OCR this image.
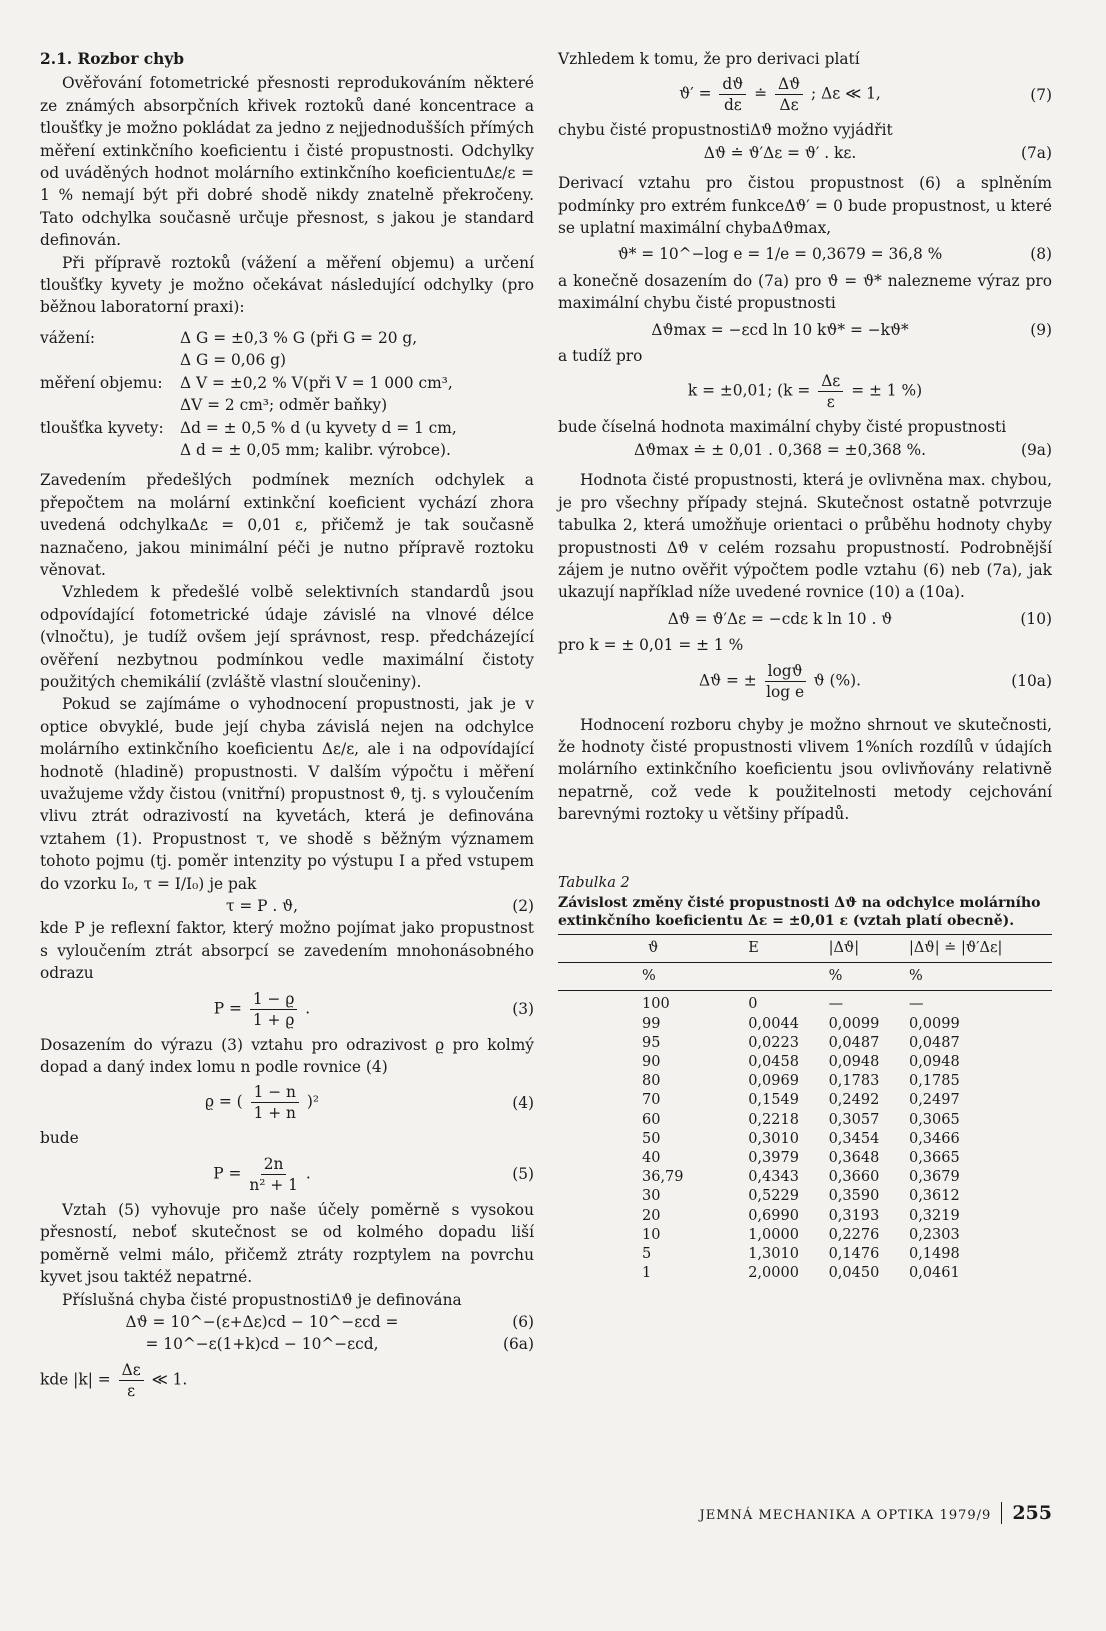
2.1. Rozbor chyb

Ověřování fotometrické přesnosti reprodukováním některé ze známých absorpčních křivek roztoků dané koncentrace a tloušťky je možno pokládat za jedno z nejjednodušších přímých měření extinkčního koeficientu i čisté propustnosti. Odchylky od uváděných hodnot molárního extinkčního koeficientuΔε/ε = 1 % nemají být při dobré shodě nikdy znatelně překročeny. Tato odchylka současně určuje přesnost, s jakou je standard definován.

Při přípravě roztoků (vážení a měření objemu) a určení tloušťky kyvety je možno očekávat následující odchylky (pro běžnou laboratorní praxi):

vážení:	Δ G = ±0,3 % G (při G = 20 g,
Δ G = 0,06 g)
měření objemu:	Δ V = ±0,2 % V(při V = 1 000 cm³,
ΔV = 2 cm³; odměr baňky)
tloušťka kyvety:	Δd = ± 0,5 % d (u kyvety d = 1 cm,
Δ d = ± 0,05 mm; kalibr. výrobce).

Zavedením předešlých podmínek mezních odchylek a přepočtem na molární extinkční koeficient vychází zhora uvedená odchylkaΔε = 0,01 ε, přičemž je tak současně naznačeno, jakou minimální péči je nutno přípravě roztoku věnovat.

Vzhledem k předešlé volbě selektivních standardů jsou odpovídající fotometrické údaje závislé na vlnové délce (vlnočtu), je tudíž ovšem její správnost, resp. předcházející ověření nezbytnou podmínkou vedle maximální čistoty použitých chemikálií (zvláště vlastní sloučeniny).

Pokud se zajímáme o vyhodnocení propustnosti, jak je v optice obvyklé, bude její chyba závislá nejen na odchylce molárního extinkčního koeficientu Δε/ε, ale i na odpovídající hodnotě (hladině) propustnosti. V dalším výpočtu i měření uvažujeme vždy čistou (vnitřní) propustnost ϑ, tj. s vyloučením vlivu ztrát odrazivostí na kyvetách, která je definována vztahem (1). Propustnost τ, ve shodě s běžným významem tohoto pojmu (tj. poměr intenzity po výstupu I a před vstupem do vzorku I₀, τ = I/I₀) je pak

τ = P . ϑ,	(2)

kde P je reflexní faktor, který možno pojímat jako propustnost s vyloučením ztrát absorpcí se zavedením mnohonásobného odrazu

$P = \frac{1 - ϱ}{1 + ϱ}$ .	(3)

Dosazením do výrazu (3) vztahu pro odrazivost ϱ pro kolmý dopad a daný index lomu n podle rovnice (4)

ϱ = ( $\frac{1 - n}{1 + n} )^2$	(4)

bude

$P = \frac{2n}{\text{n² + 1}}$ .	(5)

Vztah (5) vyhovuje pro naše účely poměrně s vysokou přesností, neboť skutečnost se od kolmého dopadu liší poměrně velmi málo, přičemž ztráty rozptylem na povrchu kyvet jsou taktéž nepatrné.

Příslušná chyba čisté propustnostiΔϑ je definována

Δϑ = 10^−(ε+Δε)cd − 10^−εcd =	(6)
= 10^−ε(1+k)cd − 10^−εcd,	(6a)
kde $|k| = \frac{\Delta\varepsilon}{\varepsilon}$ ≪ 1.

Vzhledem k tomu, že pro derivaci platí

$ϑ' = \frac{dϑ}{d\varepsilon}$ ≐ $\frac{\Delta ϑ}{\Delta\varepsilon}$ ; Δε ≪ 1,	(7)

chybu čisté propustnostiΔϑ možno vyjádřit

Δϑ ≐ ϑ′Δε = ϑ′ . kε.	(7a)

Derivací vztahu pro čistou propustnost (6) a splněním podmínky pro extrém funkceΔϑ′ = 0 bude propustnost, u které se uplatní maximální chybaΔϑmax,

ϑ* = 10^−log e = 1/e = 0,3679 = 36,8 %	(8)

a konečně dosazením do (7a) pro ϑ = ϑ* nalezneme výraz pro maximální chybu čisté propustnosti

Δϑmax = −εcd ln 10 kϑ* = −kϑ*	(9)

a tudíž pro

k = ±0,01; ($k = \frac{\Delta\varepsilon}{\varepsilon}$ = ± 1 %)

bude číselná hodnota maximální chyby čisté propustnosti

Δϑmax ≐ ± 0,01 . 0,368 = ±0,368 %.	(9a)

Hodnota čisté propustnosti, která je ovlivněna max. chybou, je pro všechny případy stejná. Skutečnost ostatně potvrzuje tabulka 2, která umožňuje orientaci o průběhu hodnoty chyby propustnosti Δϑ v celém rozsahu propustností. Podrobnější zájem je nutno ověřit výpočtem podle vztahu (6) neb (7a), jak ukazují například níže uvedené rovnice (10) a (10a).

Δϑ = ϑ′Δε = −cdε k ln 10 . ϑ	(10)

pro k = ± 0,01 = ± 1 %

Δϑ = ± $\frac{\log ϑ}{\text{log e}}$ ϑ (%).	(10a)

Hodnocení rozboru chyby je možno shrnout ve skutečnosti, že hodnoty čisté propustnosti vlivem 1%ních rozdílů v údajích molárního extinkčního koeficientu jsou ovlivňovány relativně nepatrně, což vede k použitelnosti metody cejchování barevnými roztoky u většiny případů.

Tabulka 2
Závislost změny čisté propustnosti Δϑ na odchylce molárního extinkčního koeficientu Δε = ±0,01 ε (vztah platí obecně).
ϑ	E	|Δϑ|	|Δϑ| ≐ |ϑ′Δε|
%		%	%
100	0	—	—
99	0,0044	0,0099	0,0099
95	0,0223	0,0487	0,0487
90	0,0458	0,0948	0,0948
80	0,0969	0,1783	0,1785
70	0,1549	0,2492	0,2497
60	0,2218	0,3057	0,3065
50	0,3010	0,3454	0,3466
40	0,3979	0,3648	0,3665
36,79	0,4343	0,3660	0,3679
30	0,5229	0,3590	0,3612
20	0,6990	0,3193	0,3219
10	1,0000	0,2276	0,2303
5	1,3010	0,1476	0,1498
1	2,0000	0,0450	0,0461
JEMNÁ MECHANIKA A OPTIKA 1979/9 255
